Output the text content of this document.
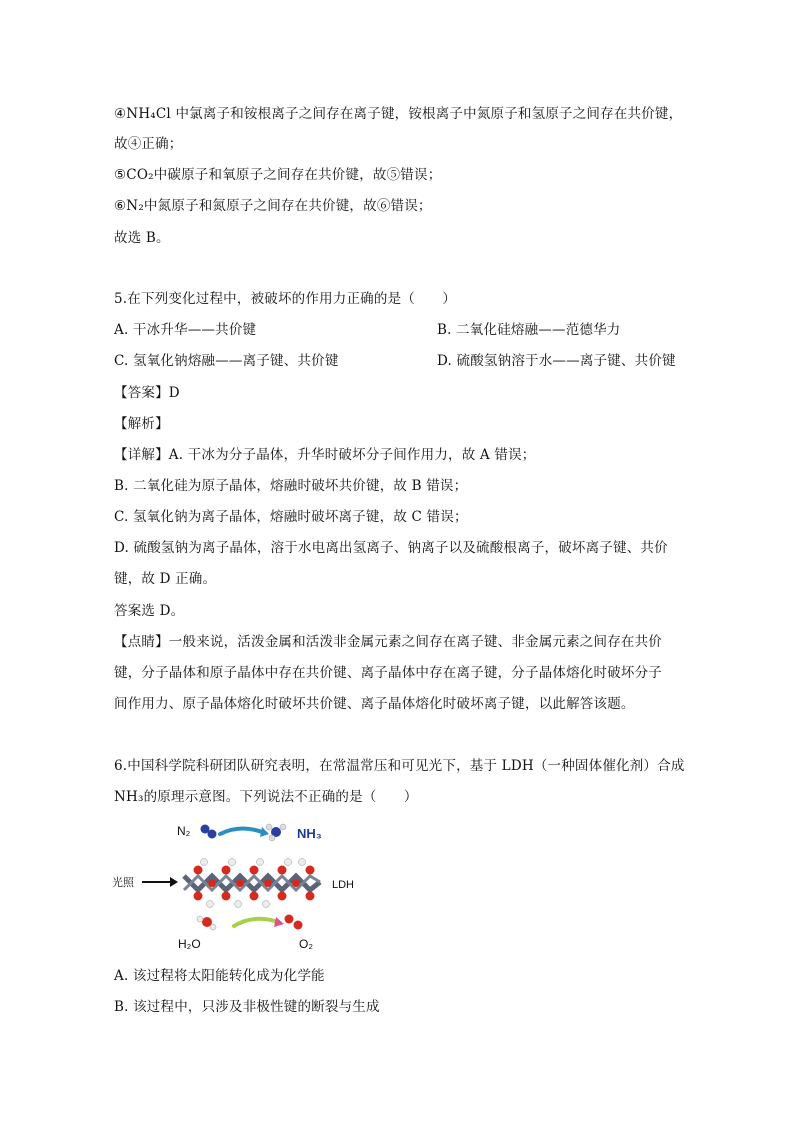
④NH₄Cl 中氯离子和铵根离子之间存在离子键，铵根离子中氮原子和氢原子之间存在共价键，
故④正确；
⑤CO₂中碳原子和氧原子之间存在共价键，故⑤错误；
⑥N₂中氮原子和氮原子之间存在共价键，故⑥错误；
故选 B。
5.在下列变化过程中，被破坏的作用力正确的是（　　）
A. 干冰升华——共价键	B. 二氧化硅熔融——范德华力
C. 氢氧化钠熔融——离子键、共价键	D. 硫酸氢钠溶于水——离子键、共价键
【答案】D
【解析】
【详解】A. 干冰为分子晶体，升华时破坏分子间作用力，故 A 错误；
B. 二氧化硅为原子晶体，熔融时破坏共价键，故 B 错误；
C. 氢氧化钠为离子晶体，熔融时破坏离子键，故 C 错误；
D. 硫酸氢钠为离子晶体，溶于水电离出氢离子、钠离子以及硫酸根离子，破坏离子键、共价
键，故 D 正确。
答案选 D。
【点睛】一般来说，活泼金属和活泼非金属元素之间存在离子键、非金属元素之间存在共价
键，分子晶体和原子晶体中存在共价键、离子晶体中存在离子键，分子晶体熔化时破坏分子
间作用力、原子晶体熔化时破坏共价键、离子晶体熔化时破坏离子键，以此解答该题。
6.中国科学院科研团队研究表明，在常温常压和可见光下，基于 LDH（一种固体催化剂）合成
NH₃的原理示意图。下列说法不正确的是（　　）
N₂	NH₃
光照	LDH
H₂O	O₂
A. 该过程将太阳能转化成为化学能
B. 该过程中，只涉及非极性键的断裂与生成
